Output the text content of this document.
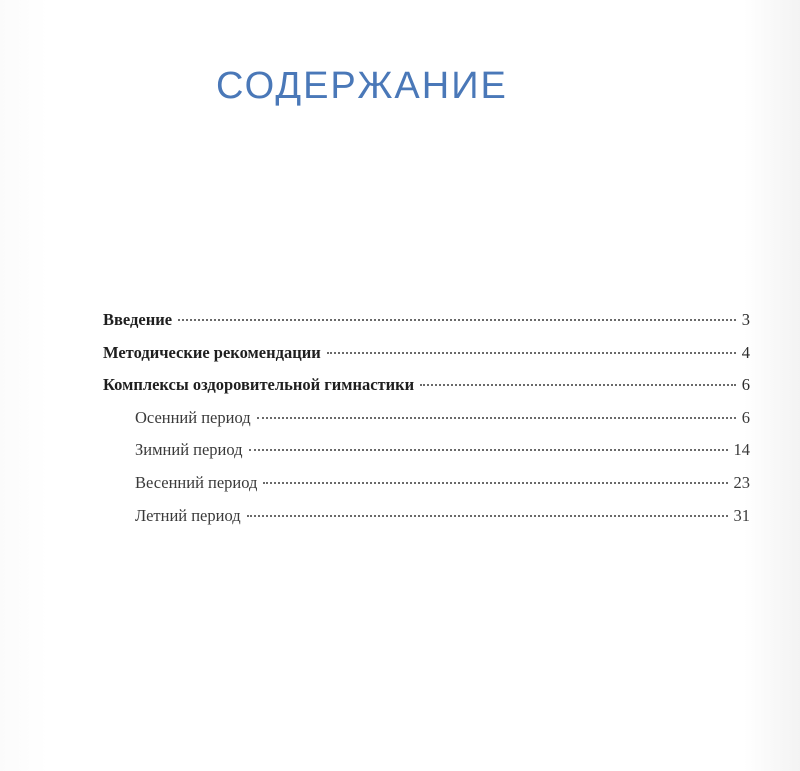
СОДЕРЖАНИЕ
Введение	3
Методические рекомендации	4
Комплексы оздоровительной гимнастики	6
Осенний период	6
Зимний период	14
Весенний период	23
Летний период	31
